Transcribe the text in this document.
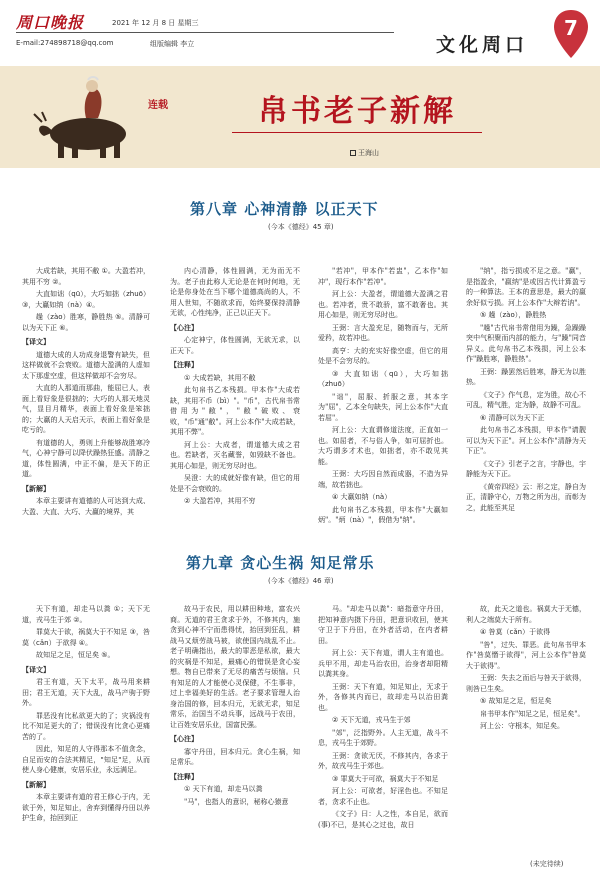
周口晚报	2021 年 12 月 8 日 星期三
E-mail:274898718@qq.com	组版编辑 李立	文化周口
7
连载	帛书老子新解
王海山
第八章 心神清静 以正天下
(今本《德经》45 章)

大成若缺，其用不敝 ①。大盈若冲，其用不穷 ②。

大直如诎（qū），大巧如拙（zhuō）③，大赢如纳（nà）④。

趮（zào）胜寒，静胜热 ⑤。清静可以为天下正 ⑥。

【译文】

道德大成的人功成身退警有缺失，但这样做就不会衰败。道德大盈满的人虚如太下那虚空虚，但这样做却不会穷尽。

大直的人那道而那曲，能屈已人，表面上看好象是很拙的；大巧的人那天地灵气，显目月精华，表面上看好象是笨拙的；大赢的人天启天示，表面上看好象是吃亏的。

有道德的人，勇则上升能够战胜寒冷气，心神宁静可以降伏躁热狂盛。清静之道，体性圆满，中正不偏，是天下的正道。

【新解】

本章主要讲有道德的人可达到大成、大盈、大直、大巧、大赢的境界，其

内心清静，体性圆满，无为而无不为。老子由此称人无论是在何时何地，无论是你身处在当下哪个道德高尚的人，不用人世知，不随欲求而，始终要保持清静无欲，心性纯净，正己以正天下。

【心注】

心定神宁，体性圆满，无欲无求，以正天下。

【注释】

① 大成若缺，其用不敝

此句帛书乙本残损。甲本作"大成若缺，其用不币（bì）"。"币"，古代帛书常借用为"敝"，"敝"破败、衰败，"币"通"敝"。河上公本作"大成若缺，其用不弊"。

河上公：大成者，谓道德大成之君也。若缺者，灭名藏誉，如毁缺不备也。其用心如是，则无穷尽时也。

吴澄：大的成就好像有缺，但它的用处是不会衰败的。

② 大盈若冲，其用不穷

"若冲"，甲本作"若盅"，乙本作"如冲"，现行本作"若冲"。

河上公：大盈者，谓道德大盈满之君也。若冲者，贵不敢骄，富不敢奢也。其用心如是，则无穷尽时也。

王弼：言大盈充足，随物而与，无所爱矜，故若冲也。

高亨：大的充实好像空虚，但它的用处是不会穷尽的。

③ 大直如诎（qū），大巧如拙（zhuō）

"诎"，屈服、折服之意，其本字为"屈"，乙本全句缺失，河上公本作"大直若屈"。

河上公：大直谓修道法度，正直如一也。如屈者，不与俗人争，如可屈折也。大巧谓多才术也，如拙者，亦不敢见其能。

王弼：大巧因自然而成器，不造为异端，故若拙也。

④ 大赢如纳（nà）

此句帛书乙本残损，甲本作"大赢如炳"。"炳（nà）"，假借为"纳"。

"纳"，指亏损或不足之意。"赢"，是指盈余，"嬴纳"是或因古代计算盈亏的一种算法。王本的意思是，最大的嬴余好似亏损。河上公本作"大辩若讷"。

⑤ 趮（zào），静胜热

"趮"古代帛书常借用为躁，急躁躁突中气积聚而内部的能力，与"躁"同音异义。此句帛书乙本残损，河上公本作"躁胜寒，静胜热"。

王弼：躁罢然后胜寒，静无为以胜热。

《文子》作气息，定为胜，故心不可乱，精气胜，定为静，故静不可乱。

⑥ 清静可以为天下正

此句帛书乙本残损，甲本作"请靓可以为天下正"。河上公本作"清静为天下正"。

《文子》引老子之言，宇静也，宇静能为天下正。

《黄帝四经》云：形之定，静自为正，清静守心，万物之所为出，而彰为之，此能至其足

第九章 贪心生祸 知足常乐
(今本《德经》46 章)

天下有道，却走马以粪 ①；天下无道，戎马生于郊 ②。

罪莫大于欲，祸莫大于不知足 ③，咎莫（cǎn）于欲得 ④。

故知足之足，恒足矣 ⑤。

【译文】

君王有道，天下太平，战马用来耕田；君王无道，天下大乱，战马产驹于野外。

罪恶没有比私欲更大的了；灾祸没有比不知足更大的了；错误没有比贪心更痛苦的了。

因此，知足的人守得那本不值贪念，自足而安的合法其精足，"知足"足，从而使人身心健康，安居乐业，永远满足。

【新解】

本章主要讲有道的君王修心于内，无欲于外，知足知止，舍弃到懂得丹田以养护生命，抬回到正

故马于农民，用以耕田种地，富农兴商。无道的君王贪求于外，不修其内，施贪到心神不宁而患得忧，抬回到狂乱，耕战马又烦劳战马被，欲使国内战乱不止。老子明确指出，最大的罪恶是私欲，最大的灾祸是不知足，最痛心的错误是贪心妄想。物自已带来了无尽的痛苦与烦恼。只有知足的人才能使心灵保健，不生事非，过上幸福美好的生活。老子要求管理人治身治国的修，回本归元，无欲无求，知足常乐，治国当不动兵事，远战马于农田，让百姓安居乐业，国富民强。

【心注】

寡守丹田，回本归元。贪心生祸，知足常乐。

【注释】

① 天下有道，却走马以粪

"马"，也指人的意识，秘称心猿意

马。"却走马以粪"：暗指意守丹田，把知神意内摄下丹田，把意识收回，使其守卫于下丹田，在外者活动，在内者耕田。

河上公：天下有道，谓人主有道也。兵甲不用，却走马治农田，治身者却阳精以粪其身。

王弼：天下有道，知足知止，无求于外，各修其内而已，故却走马以治田粪也。

② 天下无道，戎马生于郊

"郊"，泛指野外。人主无道，战斗不息，戎马生于郊野。

王弼：贪欲无厌，不修其内，各求于外，故戎马生于郊也。

③ 罪莫大于可欲，祸莫大于不知足

河上公：可欲者，好淫色也。不知足者，贪求不止也。

《文子》曰：人之性，本自足，欲而(事)不已，是其心之过也，故日

故，此天之道也。祸莫大于无德，利人之端莫大于所有。

④ 咎莫（cǎn）于欲得

"咎"，过失、罪恶。此句帛书甲本作"咎莫憯于欲得"，河上公本作"咎莫大于欲得"。

王弼：失去之而后与咎天于欲得，则咎已生矣。

⑤ 故知足之足，恒足矣

帛书甲本作"知足之足，恒足矣"。

河上公：守根本，知足矣。

(未完待续)
